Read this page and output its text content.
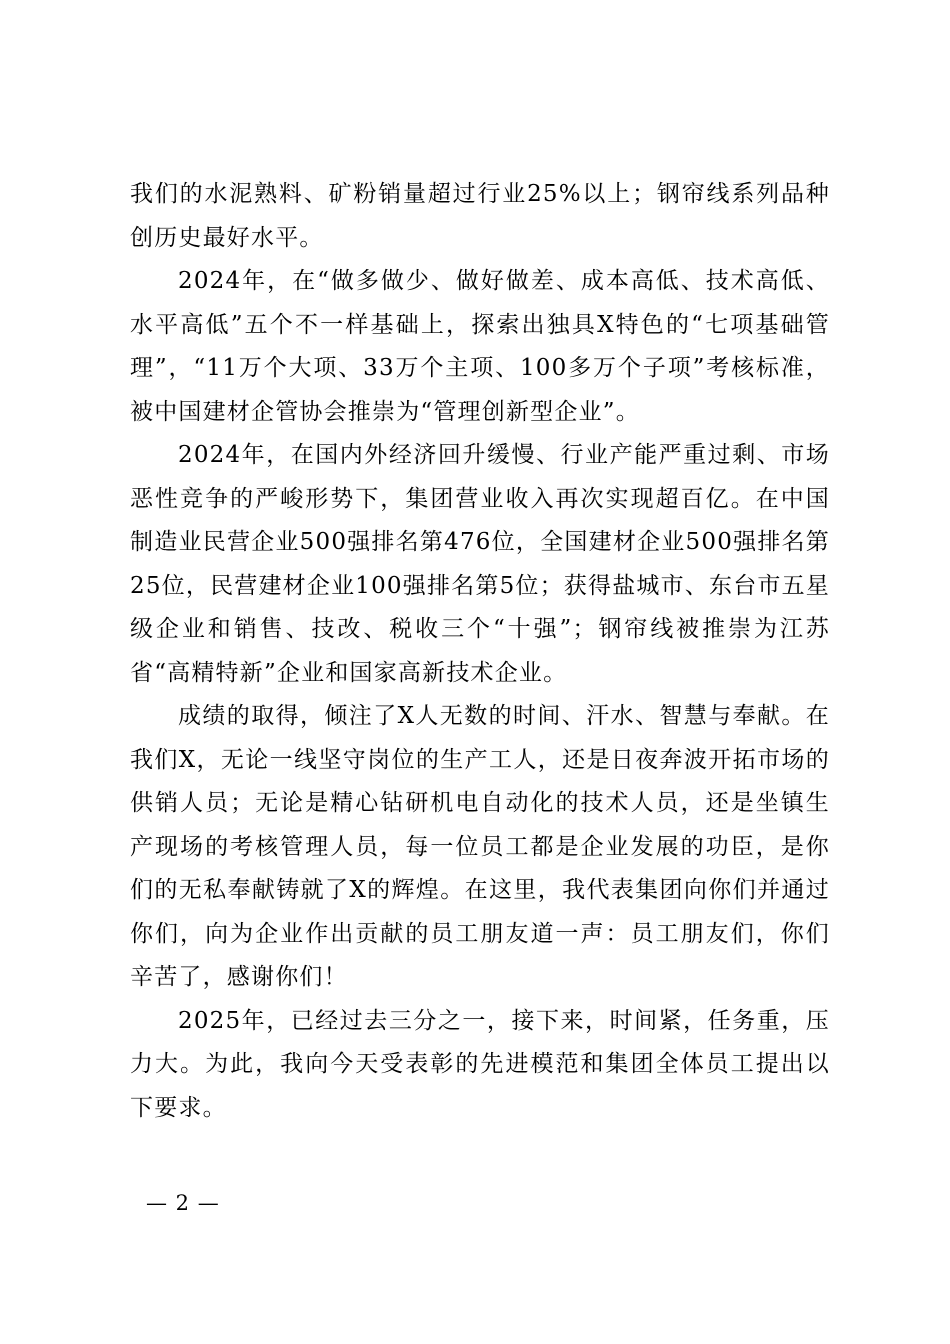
我们的水泥熟料、矿粉销量超过行业25%以上；钢帘线系列品种创历史最好水平。

2024年，在“做多做少、做好做差、成本高低、技术高低、水平高低”五个不一样基础上，探索出独具X特色的“七项基础管理”，“11万个大项、33万个主项、100多万个子项”考核标准，被中国建材企管协会推崇为“管理创新型企业”。

2024年，在国内外经济回升缓慢、行业产能严重过剩、市场恶性竞争的严峻形势下，集团营业收入再次实现超百亿。在中国制造业民营企业500强排名第476位，全国建材企业500强排名第25位，民营建材企业100强排名第5位；获得盐城市、东台市五星级企业和销售、技改、税收三个“十强”；钢帘线被推崇为江苏省“高精特新”企业和国家高新技术企业。

成绩的取得，倾注了X人无数的时间、汗水、智慧与奉献。在我们X，无论一线坚守岗位的生产工人，还是日夜奔波开拓市场的供销人员；无论是精心钻研机电自动化的技术人员，还是坐镇生产现场的考核管理人员，每一位员工都是企业发展的功臣，是你们的无私奉献铸就了X的辉煌。在这里，我代表集团向你们并通过你们，向为企业作出贡献的员工朋友道一声：员工朋友们，你们辛苦了，感谢你们！

2025年，已经过去三分之一，接下来，时间紧，任务重，压力大。为此，我向今天受表彰的先进模范和集团全体员工提出以下要求。

— 2 —
